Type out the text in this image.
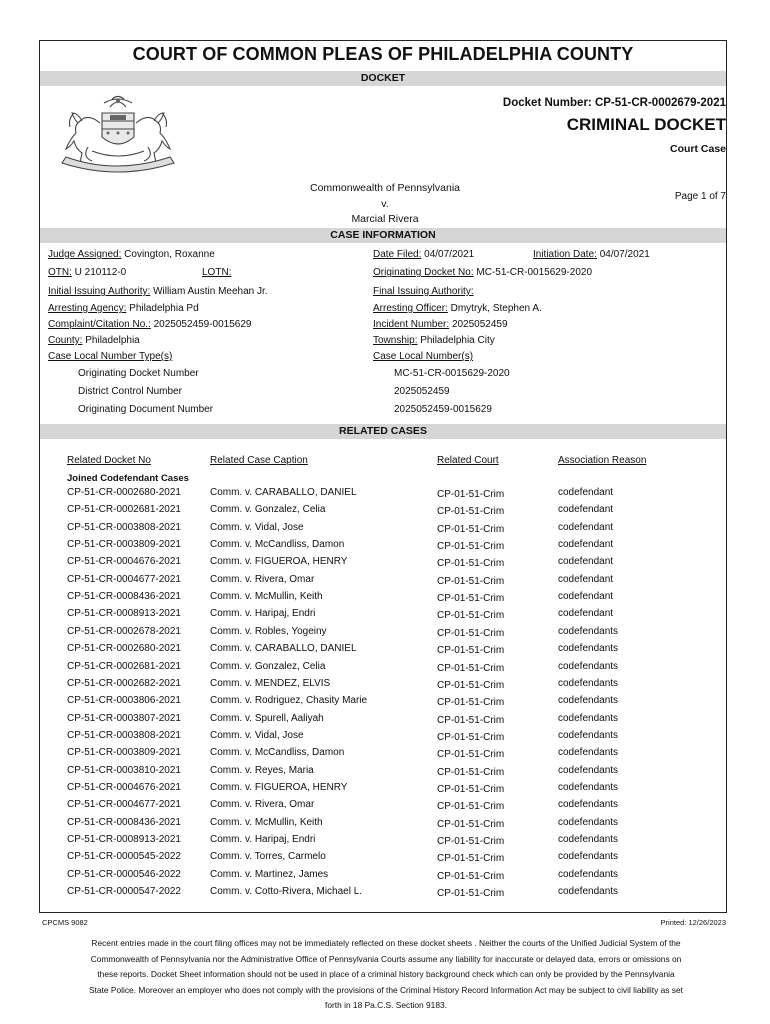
COURT OF COMMON PLEAS OF PHILADELPHIA COUNTY
DOCKET
Docket Number: CP-51-CR-0002679-2021
CRIMINAL DOCKET
Court Case
Commonwealth of Pennsylvania
v.
Marcial Rivera
Page 1 of 7
CASE INFORMATION
Judge Assigned: Covington, Roxanne	Date Filed: 04/07/2021	Initiation Date: 04/07/2021
OTN: U 210112-0	LOTN:	Originating Docket No: MC-51-CR-0015629-2020
Initial Issuing Authority: William Austin Meehan Jr.	Final Issuing Authority:
Arresting Agency: Philadelphia Pd	Arresting Officer: Dmytryk, Stephen A.
Complaint/Citation No.: 2025052459-0015629	Incident Number: 2025052459
County: Philadelphia	Township: Philadelphia City
Case Local Number Type(s)	Case Local Number(s)
Originating Docket Number	MC-51-CR-0015629-2020
District Control Number	2025052459
Originating Document Number	2025052459-0015629
RELATED CASES
Related Docket No	Related Case Caption	Related Court	Association Reason
Joined Codefendant Cases
CP-51-CR-0002680-2021	Comm. v. CARABALLO, DANIEL	CP-01-51-Crim	codefendant
CP-51-CR-0002681-2021	Comm. v. Gonzalez, Celia	CP-01-51-Crim	codefendant
CP-51-CR-0003808-2021	Comm. v. Vidal, Jose	CP-01-51-Crim	codefendant
CP-51-CR-0003809-2021	Comm. v. McCandliss, Damon	CP-01-51-Crim	codefendant
CP-51-CR-0004676-2021	Comm. v. FIGUEROA, HENRY	CP-01-51-Crim	codefendant
CP-51-CR-0004677-2021	Comm. v. Rivera, Omar	CP-01-51-Crim	codefendant
CP-51-CR-0008436-2021	Comm. v. McMullin, Keith	CP-01-51-Crim	codefendant
CP-51-CR-0008913-2021	Comm. v. Haripaj, Endri	CP-01-51-Crim	codefendant
CP-51-CR-0002678-2021	Comm. v. Robles, Yogeiny	CP-01-51-Crim	codefendants
CP-51-CR-0002680-2021	Comm. v. CARABALLO, DANIEL	CP-01-51-Crim	codefendants
CP-51-CR-0002681-2021	Comm. v. Gonzalez, Celia	CP-01-51-Crim	codefendants
CP-51-CR-0002682-2021	Comm. v. MENDEZ, ELVIS	CP-01-51-Crim	codefendants
CP-51-CR-0003806-2021	Comm. v. Rodriguez, Chasity Marie	CP-01-51-Crim	codefendants
CP-51-CR-0003807-2021	Comm. v. Spurell, Aaliyah	CP-01-51-Crim	codefendants
CP-51-CR-0003808-2021	Comm. v. Vidal, Jose	CP-01-51-Crim	codefendants
CP-51-CR-0003809-2021	Comm. v. McCandliss, Damon	CP-01-51-Crim	codefendants
CP-51-CR-0003810-2021	Comm. v. Reyes, Maria	CP-01-51-Crim	codefendants
CP-51-CR-0004676-2021	Comm. v. FIGUEROA, HENRY	CP-01-51-Crim	codefendants
CP-51-CR-0004677-2021	Comm. v. Rivera, Omar	CP-01-51-Crim	codefendants
CP-51-CR-0008436-2021	Comm. v. McMullin, Keith	CP-01-51-Crim	codefendants
CP-51-CR-0008913-2021	Comm. v. Haripaj, Endri	CP-01-51-Crim	codefendants
CP-51-CR-0000545-2022	Comm. v. Torres, Carmelo	CP-01-51-Crim	codefendants
CP-51-CR-0000546-2022	Comm. v. Martinez, James	CP-01-51-Crim	codefendants
CP-51-CR-0000547-2022	Comm. v. Cotto-Rivera, Michael L.	CP-01-51-Crim	codefendants
CPCMS 9082	Printed: 12/26/2023
Recent entries made in the court filing offices may not be immediately reflected on these docket sheets . Neither the courts of the Unified Judicial System of the Commonwealth of Pennsylvania nor the Administrative Office of Pennsylvania Courts assume any liability for inaccurate or delayed data, errors or omissions on these reports. Docket Sheet information should not be used in place of a criminal history background check which can only be provided by the Pennsylvania State Police. Moreover an employer who does not comply with the provisions of the Criminal History Record Information Act may be subject to civil liability as set forth in 18 Pa.C.S. Section 9183.
